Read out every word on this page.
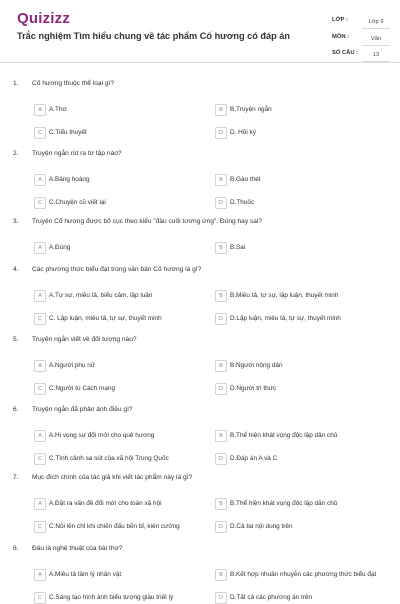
Quizizz
Trắc nghiệm Tìm hiểu chung về tác phẩm Cố hương có đáp án
LỚP :	Lớp 9
MÔN :	Văn
SỐ CÂU :	13
1. Cố hương thuộc thể loại gì?
A	A.Thơ	B	B.Truyện ngắn
C	C.Tiểu thuyết	D	D. Hồi ký
2. Truyện ngắn rút ra từ tập nào?
A	A.Bàng hoàng	B	B.Gào thét
C	C.Chuyện cũ viết lại	D	D.Thuốc
3. Truyện Cố hương được bố cục theo kiểu "đầu cuối tương ứng". Đúng hay sai?
A	A.Đúng	B	B.Sai
4. Các phương thức biểu đạt trong văn bản Cố hương là gì?
A	A.Tự sự, miêu tả, biểu cảm, lập luận	B	B.Miêu tả, tự sự, lập luận, thuyết minh
C	C. Lập luận, miêu tả, tự sự, thuyết minh	D	D.Lập luận, miêu tả, tự sự, thuyết minh
5. Truyện ngắn viết về đối tượng nào?
A	A.Người phụ nữ	B	B.Người nông dân
C	C.Người tù Cách mạng	D	D.Người tri thức
6. Truyện ngắn đã phản ánh điều gì?
A	A.Hi vọng sự đổi mới cho quê hương	B	B.Thể hiện khát vọng độc lập dân chủ
C	C.Tình cảnh sa sút của xã hội Trung Quốc	D	D.Đáp án A và C
7. Mục đích chính của tác giả khi viết tác phẩm này là gì?
A	A.Đặt ra vấn đề đổi mới cho toàn xã hội	B	B.Thể hiện khát vọng độc lập dân chủ
C	C.Nói lên chỉ khi chiến đấu bền bỉ, kiên cường	D	D.Cả ba nội dung trên
8. Đâu là nghệ thuật của bài thơ?
A	A.Miêu tả tâm lý nhân vật	B	B.Kết hợp nhuần nhuyễn các phương thức biểu đạt
C	C.Sáng tạo hình ảnh biểu tượng giàu triết lý	D	D.Tất cả các phương án trên
